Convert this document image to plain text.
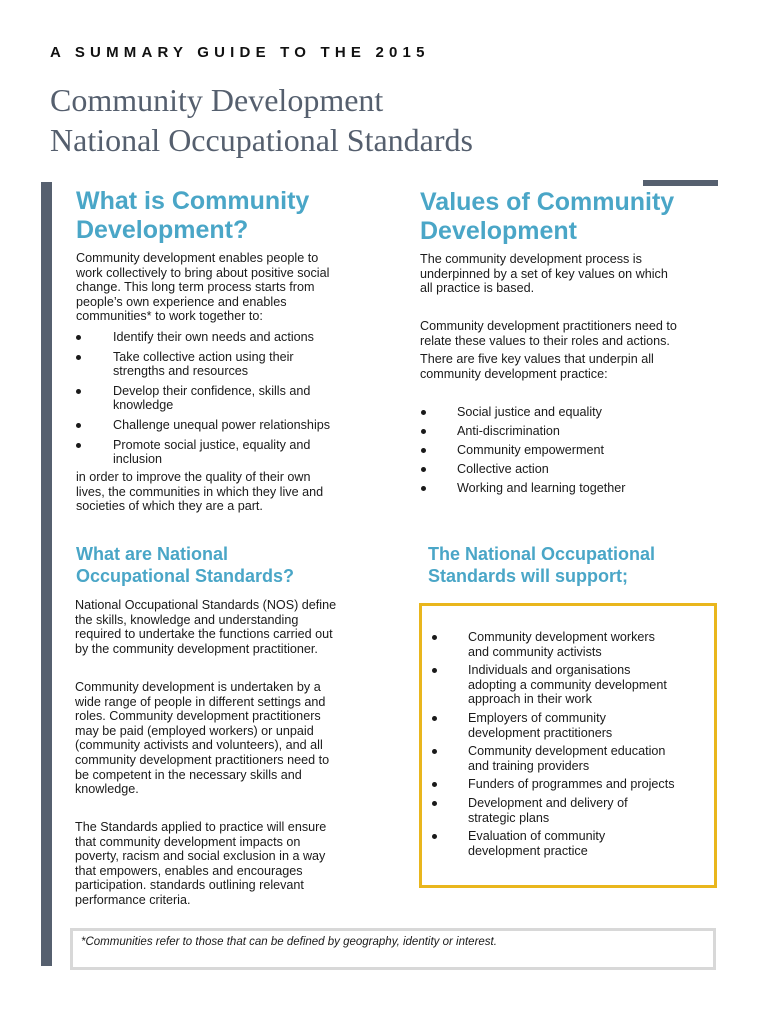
A SUMMARY GUIDE TO THE 2015
Community Development
National Occupational Standards
What is Community
Development?
Community development enables people to
work collectively to bring about positive social
change. This long term process starts from
people’s own experience and enables
communities* to work together to:
Identify their own needs and actions
Take collective action using their
strengths and resources
Develop their confidence, skills and
knowledge
Challenge unequal power relationships
Promote social justice, equality and
inclusion
in order to improve the quality of their own
lives, the communities in which they live and
societies of which they are a part.
Values of Community
Development
The community development process is
underpinned by a set of key values on which
all practice is based.
Community development practitioners need to
relate these values to their roles and actions.
There are five key values that underpin all
community development practice:
Social justice and equality
Anti-discrimination
Community empowerment
Collective action
Working and learning together
What are National
Occupational Standards?
National Occupational Standards (NOS) define
the skills, knowledge and understanding
required to undertake the functions carried out
by the community development practitioner.
Community development is undertaken by a
wide range of people in different settings and
roles. Community development practitioners
may be paid (employed workers) or unpaid
(community activists and volunteers), and all
community development practitioners need to
be competent in the necessary skills and
knowledge.
The Standards applied to practice will ensure
that community development impacts on
poverty, racism and social exclusion in a way
that empowers, enables and encourages
participation. standards outlining relevant
performance criteria.
The National Occupational
Standards will support;
Community development workers
and community activists
Individuals and organisations
adopting a community development
approach in their work
Employers of community
development practitioners
Community development education
and training providers
Funders of programmes and projects
Development and delivery of
strategic plans
Evaluation of community
development practice
*Communities refer to those that can be defined by geography, identity or interest.
